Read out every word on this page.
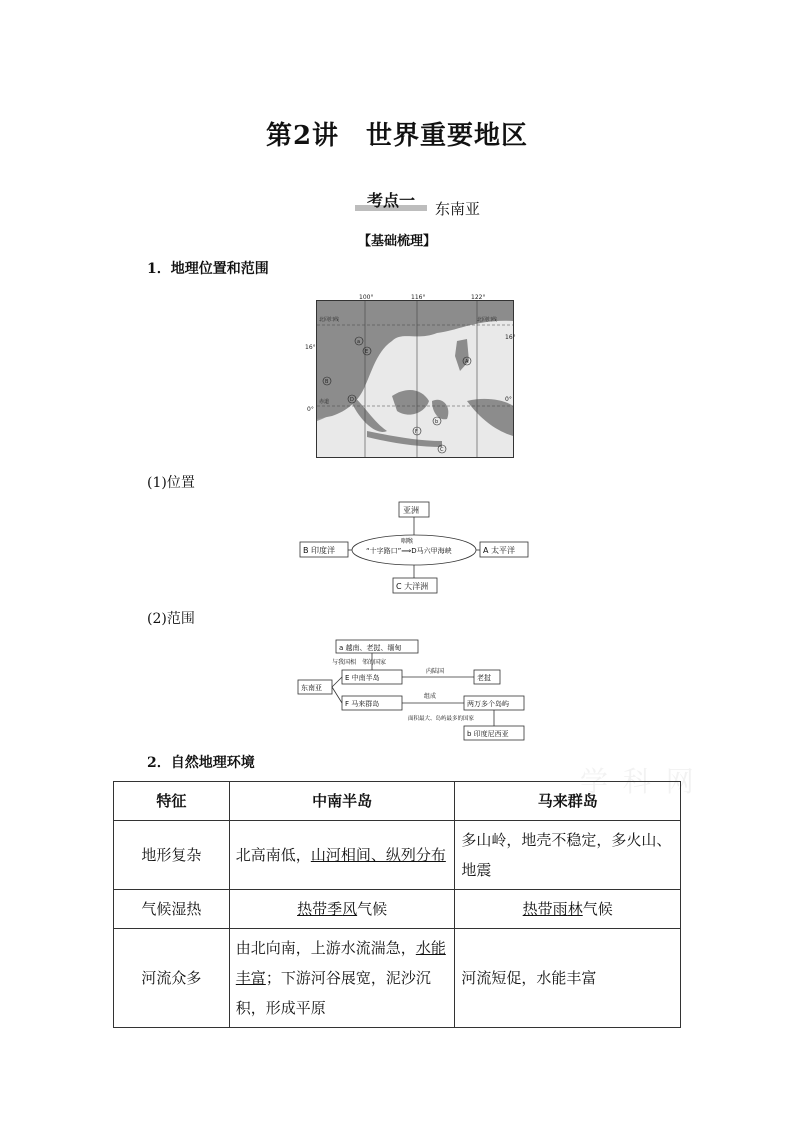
第2讲　世界重要地区
考点一	东南亚
【基础梳理】
1．地理位置和范围
100°	116°	122°
16°
0°
16°
0°
北回归线	北回归线
赤道
A
B
C
D
E
F
a
b
(1)位置
亚洲
B 印度洋	A 太平洋
C 大洋洲
“十字路口”⟹D马六甲海峡
咽喉
(2)范围
a 越南、老挝、缅甸
与我国相　邻的国家
东南亚
E 中南半岛
内陆国
老挝
F 马来群岛
组成
两万多个岛屿
面积最大、岛屿最多的国家
b 印度尼西亚
2．自然地理环境
学 科 网
特征	中南半岛	马来群岛
地形复杂	北高南低，山河相间、纵列分布	多山岭，地壳不稳定，多火山、地震
气候湿热	热带季风气候	热带雨林气候
河流众多	由北向南，上游水流湍急，水能丰富；下游河谷展宽，泥沙沉积，形成平原	河流短促，水能丰富
